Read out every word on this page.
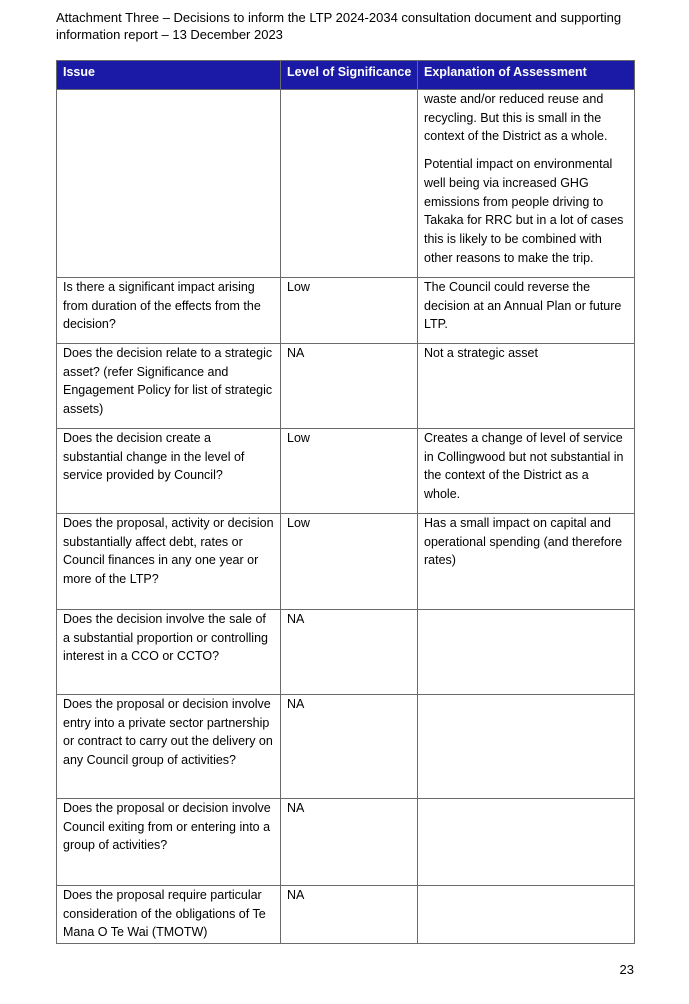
Attachment Three – Decisions to inform the LTP 2024-2034 consultation document and supporting
information report – 13 December 2023
Issue	Level of Significance	Explanation of Assessment

		waste and/or reduced reuse and recycling. But this is small in the context of the District as a whole.

Potential impact on environmental well being via increased GHG emissions from people driving to Takaka for RRC but in a lot of cases this is likely to be combined with other reasons to make the trip.

Is there a significant impact arising from duration of the effects from the decision?	Low	The Council could reverse the decision at an Annual Plan or future LTP.

Does the decision relate to a strategic asset? (refer Significance and Engagement Policy for list of strategic assets)	NA	Not a strategic asset

Does the decision create a substantial change in the level of service provided by Council?	Low	Creates a change of level of service in Collingwood but not substantial in the context of the District as a whole.

Does the proposal, activity or decision substantially affect debt, rates or Council finances in any one year or more of the LTP?	Low	Has a small impact on capital and operational spending (and therefore rates)

Does the decision involve the sale of a substantial proportion or controlling interest in a CCO or CCTO?	NA	

Does the proposal or decision involve entry into a private sector partnership or contract to carry out the delivery on any Council group of activities?	NA	

Does the proposal or decision involve Council exiting from or entering into a group of activities?	NA	

Does the proposal require particular consideration of the obligations of Te Mana O Te Wai (TMOTW)	NA	

23
